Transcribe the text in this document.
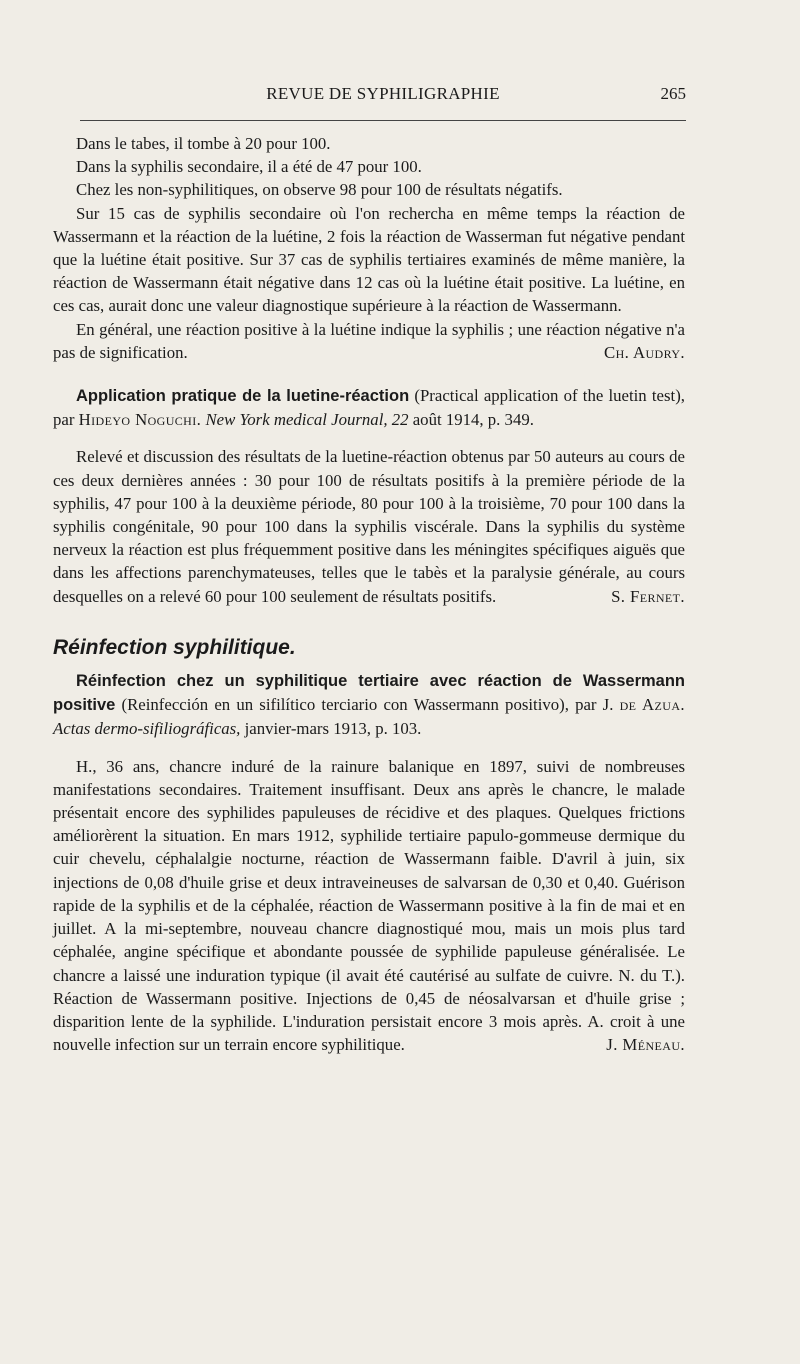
REVUE DE SYPHILIGRAPHIE	265

Dans le tabes, il tombe à 20 pour 100.

Dans la syphilis secondaire, il a été de 47 pour 100.

Chez les non-syphilitiques, on observe 98 pour 100 de résultats négatifs.

Sur 15 cas de syphilis secondaire où l'on rechercha en même temps la réaction de Wassermann et la réaction de la luétine, 2 fois la réaction de Wasserman fut négative pendant que la luétine était positive. Sur 37 cas de syphilis tertiaires examinés de même manière, la réaction de Wassermann était négative dans 12 cas où la luétine était positive. La luétine, en ces cas, aurait donc une valeur diagnostique supérieure à la réaction de Wassermann.

En général, une réaction positive à la luétine indique la syphilis ; une réaction négative n'a pas de signification.	Ch. Audry.

Application pratique de la luetine-réaction (Practical application of the luetin test), par Hideyo Noguchi. New York medical Journal, 22 août 1914, p. 349.

Relevé et discussion des résultats de la luetine-réaction obtenus par 50 auteurs au cours de ces deux dernières années : 30 pour 100 de résultats positifs à la première période de la syphilis, 47 pour 100 à la deuxième période, 80 pour 100 à la troisième, 70 pour 100 dans la syphilis congénitale, 90 pour 100 dans la syphilis viscérale. Dans la syphilis du système nerveux la réaction est plus fréquemment positive dans les méningites spécifiques aiguës que dans les affections parenchymateuses, telles que le tabès et la paralysie générale, au cours desquelles on a relevé 60 pour 100 seulement de résultats positifs.	S. Fernet.

Réinfection syphilitique.

Réinfection chez un syphilitique tertiaire avec réaction de Wassermann positive (Reinfección en un sifilítico terciario con Wassermann positivo), par J. de Azua. Actas dermo-sifiliográficas, janvier-mars 1913, p. 103.

H., 36 ans, chancre induré de la rainure balanique en 1897, suivi de nombreuses manifestations secondaires. Traitement insuffisant. Deux ans après le chancre, le malade présentait encore des syphilides papuleuses de récidive et des plaques. Quelques frictions améliorèrent la situation. En mars 1912, syphilide tertiaire papulo-gommeuse dermique du cuir chevelu, céphalalgie nocturne, réaction de Wassermann faible. D'avril à juin, six injections de 0,08 d'huile grise et deux intraveineuses de salvarsan de 0,30 et 0,40. Guérison rapide de la syphilis et de la céphalée, réaction de Wassermann positive à la fin de mai et en juillet. A la mi-septembre, nouveau chancre diagnostiqué mou, mais un mois plus tard céphalée, angine spécifique et abondante poussée de syphilide papuleuse généralisée. Le chancre a laissé une induration typique (il avait été cautérisé au sulfate de cuivre. N. du T.). Réaction de Wassermann positive. Injections de 0,45 de néosalvarsan et d'huile grise ; disparition lente de la syphilide. L'induration persistait encore 3 mois après. A. croit à une nouvelle infection sur un terrain encore syphilitique.	J. Méneau.
